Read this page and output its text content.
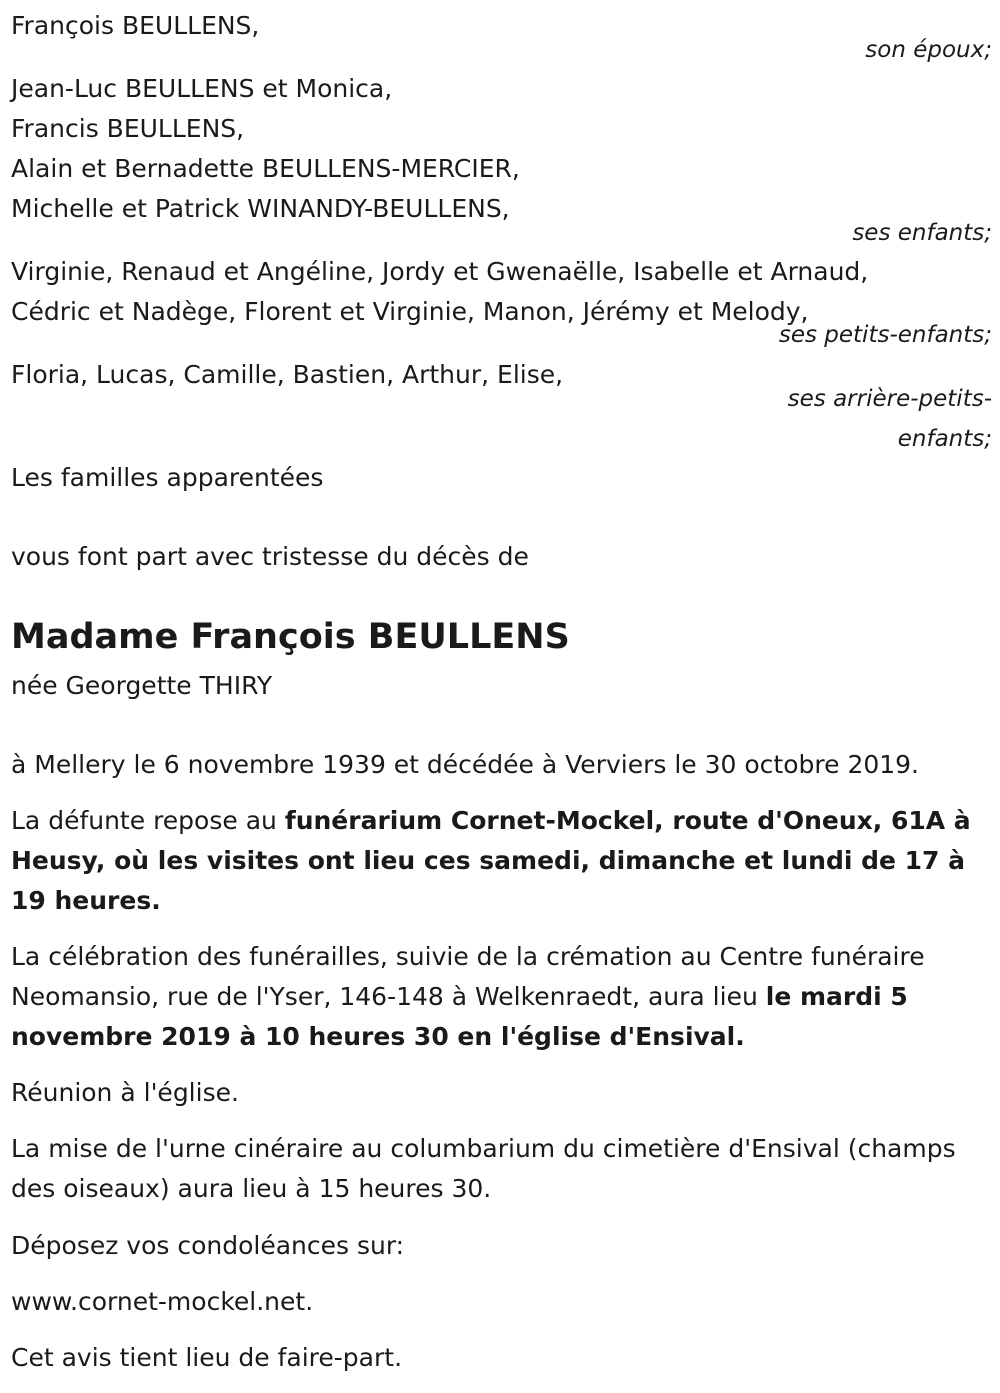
François BEULLENS,
son époux;
Jean-Luc BEULLENS et Monica,
Francis BEULLENS,
Alain et Bernadette BEULLENS-MERCIER,
Michelle et Patrick WINANDY-BEULLENS,
ses enfants;
Virginie, Renaud et Angéline, Jordy et Gwenaëlle, Isabelle et Arnaud,
Cédric et Nadège, Florent et Virginie, Manon, Jérémy et Melody,
ses petits-enfants;
Floria, Lucas, Camille, Bastien, Arthur, Elise,
ses arrière-petits-
enfants;
Les familles apparentées
vous font part avec tristesse du décès de
Madame François BEULLENS
née Georgette THIRY
à Mellery le 6 novembre 1939 et décédée à Verviers le 30 octobre 2019.
La défunte repose au funérarium Cornet-Mockel, route d'Oneux, 61A à Heusy, où les visites ont lieu ces samedi, dimanche et lundi de 17 à 19 heures.
La célébration des funérailles, suivie de la crémation au Centre funéraire Neomansio, rue de l'Yser, 146-148 à Welkenraedt, aura lieu le mardi 5 novembre 2019 à 10 heures 30 en l'église d'Ensival.
Réunion à l'église.
La mise de l'urne cinéraire au columbarium du cimetière d'Ensival (champs des oiseaux) aura lieu à 15 heures 30.
Déposez vos condoléances sur:
www.cornet-mockel.net.
Cet avis tient lieu de faire-part.
